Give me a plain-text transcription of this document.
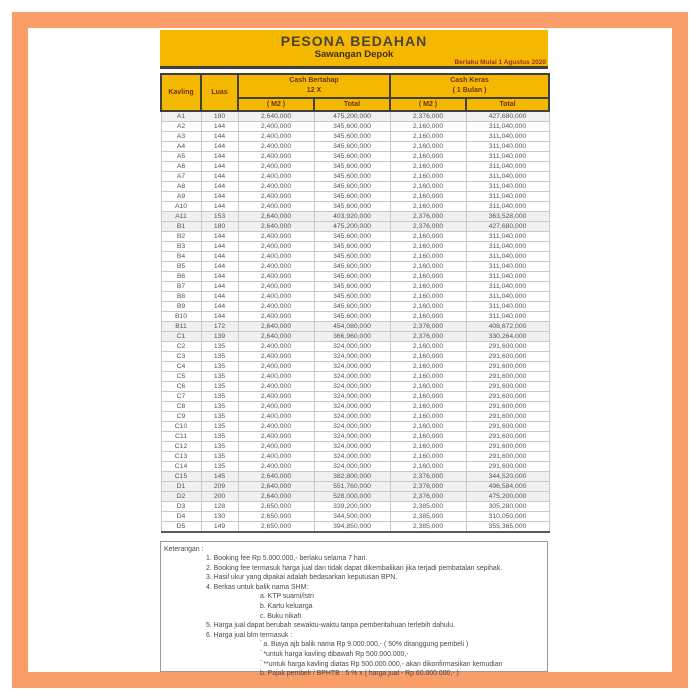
PESONA BEDAHAN
Sawangan Depok
Berlaku Mulai 1 Agustus 2020
Kavling	Luas	
Cash Bertahap
12 X

Cash Keras
( 1 Bulan )

		( M2 )	Total	( M2 )	Total
A1	180	2,640,000	475,200,000	2,376,000	427,680,000
A2	144	2,400,000	345,600,000	2,160,000	311,040,000
A3	144	2,400,000	345,600,000	2,160,000	311,040,000
A4	144	2,400,000	345,600,000	2,160,000	311,040,000
A5	144	2,400,000	345,600,000	2,160,000	311,040,000
A6	144	2,400,000	345,600,000	2,160,000	311,040,000
A7	144	2,400,000	345,600,000	2,160,000	311,040,000
A8	144	2,400,000	345,600,000	2,160,000	311,040,000
A9	144	2,400,000	345,600,000	2,160,000	311,040,000
A10	144	2,400,000	345,600,000	2,160,000	311,040,000
A11	153	2,640,000	403,920,000	2,376,000	363,528,000
B1	180	2,640,000	475,200,000	2,376,000	427,680,000
B2	144	2,400,000	345,600,000	2,160,000	311,040,000
B3	144	2,400,000	345,600,000	2,160,000	311,040,000
B4	144	2,400,000	345,600,000	2,160,000	311,040,000
B5	144	2,400,000	345,600,000	2,160,000	311,040,000
B6	144	2,400,000	345,600,000	2,160,000	311,040,000
B7	144	2,400,000	345,600,000	2,160,000	311,040,000
B8	144	2,400,000	345,600,000	2,160,000	311,040,000
B9	144	2,400,000	345,600,000	2,160,000	311,040,000
B10	144	2,400,000	345,600,000	2,160,000	311,040,000
B11	172	2,640,000	454,080,000	2,376,000	408,672,000
C1	139	2,640,000	366,960,000	2,376,000	330,264,000
C2	135	2,400,000	324,000,000	2,160,000	291,600,000
C3	135	2,400,000	324,000,000	2,160,000	291,600,000
C4	135	2,400,000	324,000,000	2,160,000	291,600,000
C5	135	2,400,000	324,000,000	2,160,000	291,600,000
C6	135	2,400,000	324,000,000	2,160,000	291,600,000
C7	135	2,400,000	324,000,000	2,160,000	291,600,000
C8	135	2,400,000	324,000,000	2,160,000	291,600,000
C9	135	2,400,000	324,000,000	2,160,000	291,600,000
C10	135	2,400,000	324,000,000	2,160,000	291,600,000
C11	135	2,400,000	324,000,000	2,160,000	291,600,000
C12	135	2,400,000	324,000,000	2,160,000	291,600,000
C13	135	2,400,000	324,000,000	2,160,000	291,600,000
C14	135	2,400,000	324,000,000	2,160,000	291,600,000
C15	145	2,640,000	382,800,000	2,376,000	344,520,000
D1	209	2,640,000	551,760,000	2,376,000	496,584,000
D2	200	2,640,000	528,000,000	2,376,000	475,200,000
D3	128	2,650,000	339,200,000	2,385,000	305,280,000
D4	130	2,650,000	344,500,000	2,385,000	310,050,000
D5	149	2,650,000	394,850,000	2,385,000	355,365,000
Keterangan :
1. Booking fee Rp 5.000.000,- berlaku selama 7 hari.
2. Booking fee termasuk harga jual dan tidak dapat dikembalikan jika terjadi pembatalan sepihak.
3. Hasil ukur yang dipakai adalah bedasarkan keputusan BPN.
4. Berkas untuk balik nama SHM:
a. KTP suami/istri
b. Kartu keluarga
c. Buku nikah
5. Harga jual dapat berubah sewaktu-waktu tanpa pemberitahuan terlebih dahulu.
6. Harga jual blm termasuk :
”a. Biaya ajb balik nama Rp 9.000.000,- ( 50% ditanggung pembeli )
”*untuk harga kavling dibawah Rp 500.000.000,-
”**untuk harga kavling diatas Rp 500.000.000,- akan dikonfirmasikan kemudian
b. Pajak pembeli / BPHTB : 5 % x ( harga jual - Rp 60.000.000,- )
